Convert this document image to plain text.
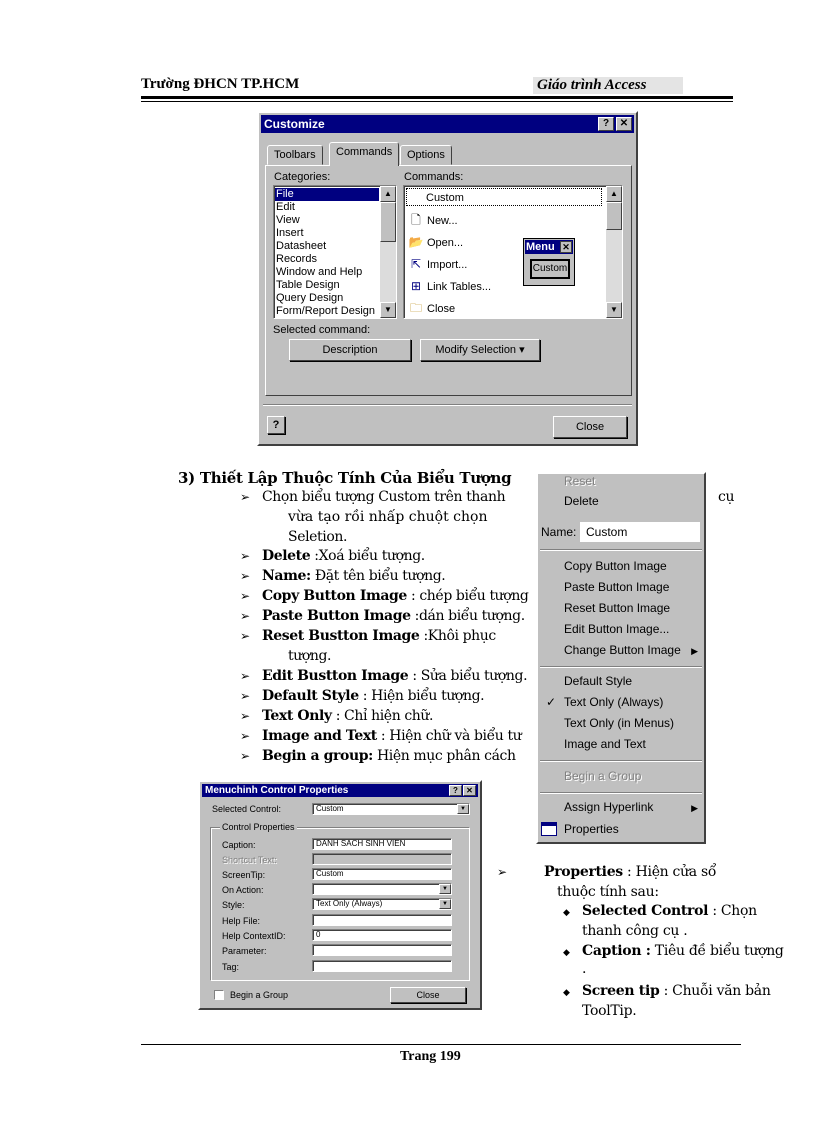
Trường ĐHCN TP.HCM	Giáo trình Access
Customize	?	✕
Toolbars	Commands	Options
Categories:	Commands:
File
Edit
View
Insert
Datasheet
Records
Window and Help
Table Design
Query Design
Form/Report Design
▲
▼
Custom
🗋 New...
📂 Open...
⇱ Import...
⊞ Link Tables...
🗀 Close
▲
▼
Menu ✕
Custom
Selected command:
Description	Modify Selection ▾
?	Close
3) Thiết Lập Thuộc Tính Của Biểu Tượng
➢ Chọn biểu tượng Custom trên thanh	cụ
vừa tạo rồi nhấp chuột chọn
Seletion.
➢ Delete :Xoá biểu tượng.
➢ Name: Đặt tên biểu tượng.
➢ Copy Button Image : chép biểu tượng
➢ Paste Button Image :dán biểu tượng.
➢ Reset Bustton Image :Khôi phục
tượng.
➢ Edit Bustton Image : Sửa biểu tượng.
➢ Default Style : Hiện biểu tượng.
➢ Text Only : Chỉ hiện chữ.
➢ Image and Text : Hiện chữ và biểu tư
➢ Begin a group: Hiện mục phân cách
Reset
Delete
Name: Custom
Copy Button Image
Paste Button Image
Reset Button Image
Edit Button Image...
Change Button Image ▶
Default Style
✓ Text Only (Always)
Text Only (in Menus)
Image and Text
Begin a Group
Assign Hyperlink	▶
Properties
Menuchinh Control Properties	?	✕
Selected Control:	Custom	▼
Control Properties
Caption:	DANH SACH SINH VIEN
Shortcut Text:
ScreenTip:	Custom
On Action:	▼
Style:	Text Only (Always)	▼
Help File:
Help ContextID:	0
Parameter:
Tag:
Begin a Group	Close
➢	Properties : Hiện cửa sổ
thuộc tính sau:
◆ Selected Control : Chọn
thanh công cụ .
◆ Caption : Tiêu đề biểu tượng
.
◆ Screen tip : Chuỗi văn bản
ToolTip.
Trang 199
